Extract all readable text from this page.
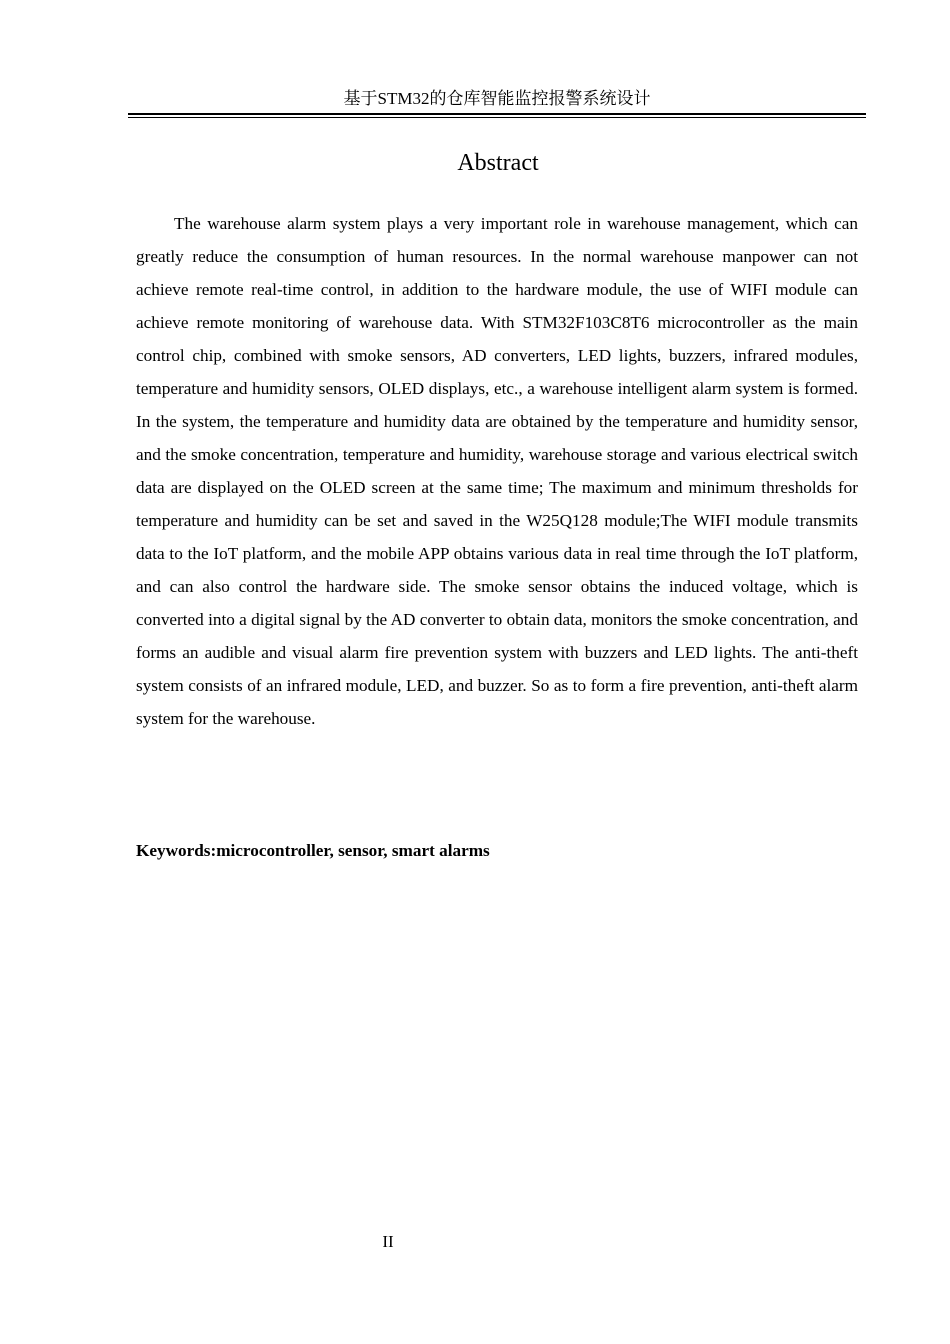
基于STM32的仓库智能监控报警系统设计
Abstract

The warehouse alarm system plays a very important role in warehouse management, which can greatly reduce the consumption of human resources. In the normal warehouse manpower can not achieve remote real-time control, in addition to the hardware module, the use of WIFI module can achieve remote monitoring of warehouse data. With STM32F103C8T6 microcontroller as the main control chip, combined with smoke sensors, AD converters, LED lights, buzzers, infrared modules, temperature and humidity sensors, OLED displays, etc., a warehouse intelligent alarm system is formed. In the system, the temperature and humidity data are obtained by the temperature and humidity sensor, and the smoke concentration, temperature and humidity, warehouse storage and various electrical switch data are displayed on the OLED screen at the same time; The maximum and minimum thresholds for temperature and humidity can be set and saved in the W25Q128 module;The WIFI module transmits data to the IoT platform, and the mobile APP obtains various data in real time through the IoT platform, and can also control the hardware side. The smoke sensor obtains the induced voltage, which is converted into a digital signal by the AD converter to obtain data, monitors the smoke concentration, and forms an audible and visual alarm fire prevention system with buzzers and LED lights. The anti-theft system consists of an infrared module, LED, and buzzer. So as to form a fire prevention, anti-theft alarm system for the warehouse.

Keywords:microcontroller, sensor, smart alarms
II
